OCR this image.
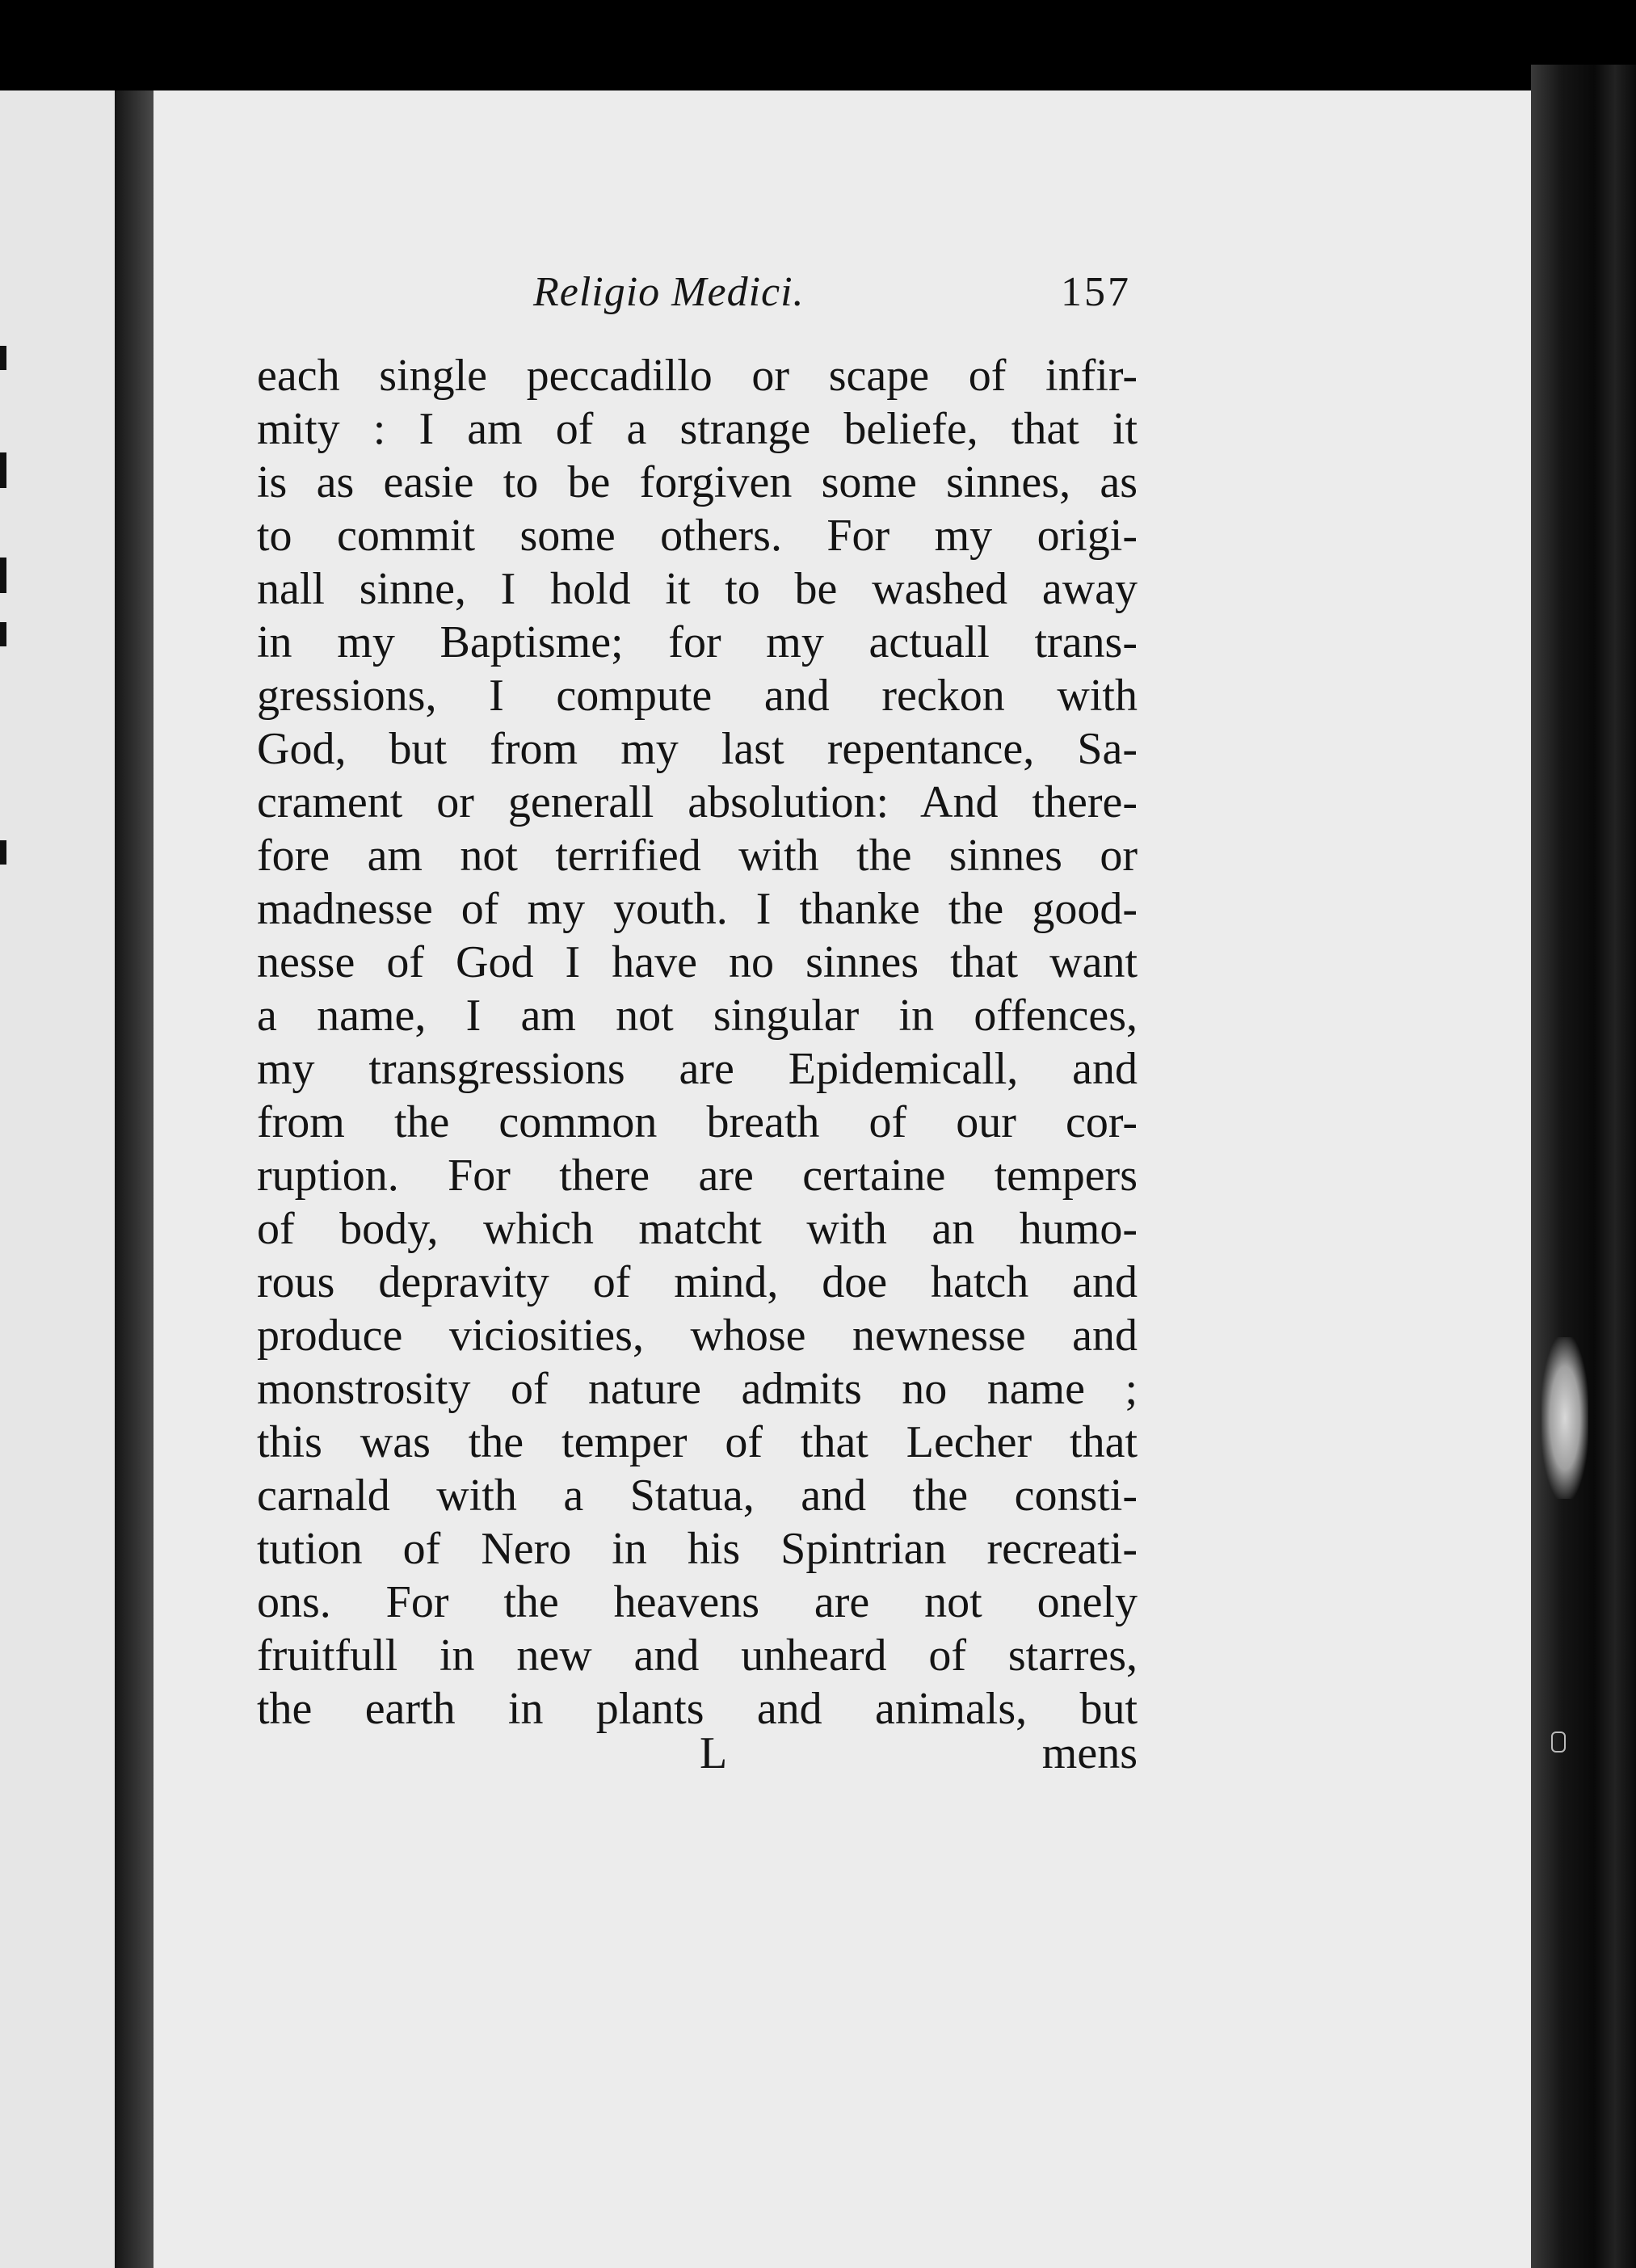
Religio Medici.	157
each single peccadillo or scape of infir-
mity : I am of a strange beliefe, that it
is as easie to be forgiven some sinnes, as
to commit some others. For my origi-
nall sinne, I hold it to be washed away
in my Baptisme; for my actuall trans-
gressions, I compute and reckon with
God, but from my last repentance, Sa-
crament or generall absolution: And there-
fore am not terrified with the sinnes or
madnesse of my youth. I thanke the good-
nesse of God I have no sinnes that want
a name, I am not singular in offences,
my transgressions are Epidemicall, and
from the common breath of our cor-
ruption. For there are certaine tempers
of body, which matcht with an humo-
rous depravity of mind, doe hatch and
produce viciosities, whose newnesse and
monstrosity of nature admits no name ;
this was the temper of that Lecher that
carnald with a Statua, and the consti-
tution of Nero in his Spintrian recreati-
ons. For the heavens are not onely
fruitfull in new and unheard of starres,
the earth in plants and animals, but
L	mens
